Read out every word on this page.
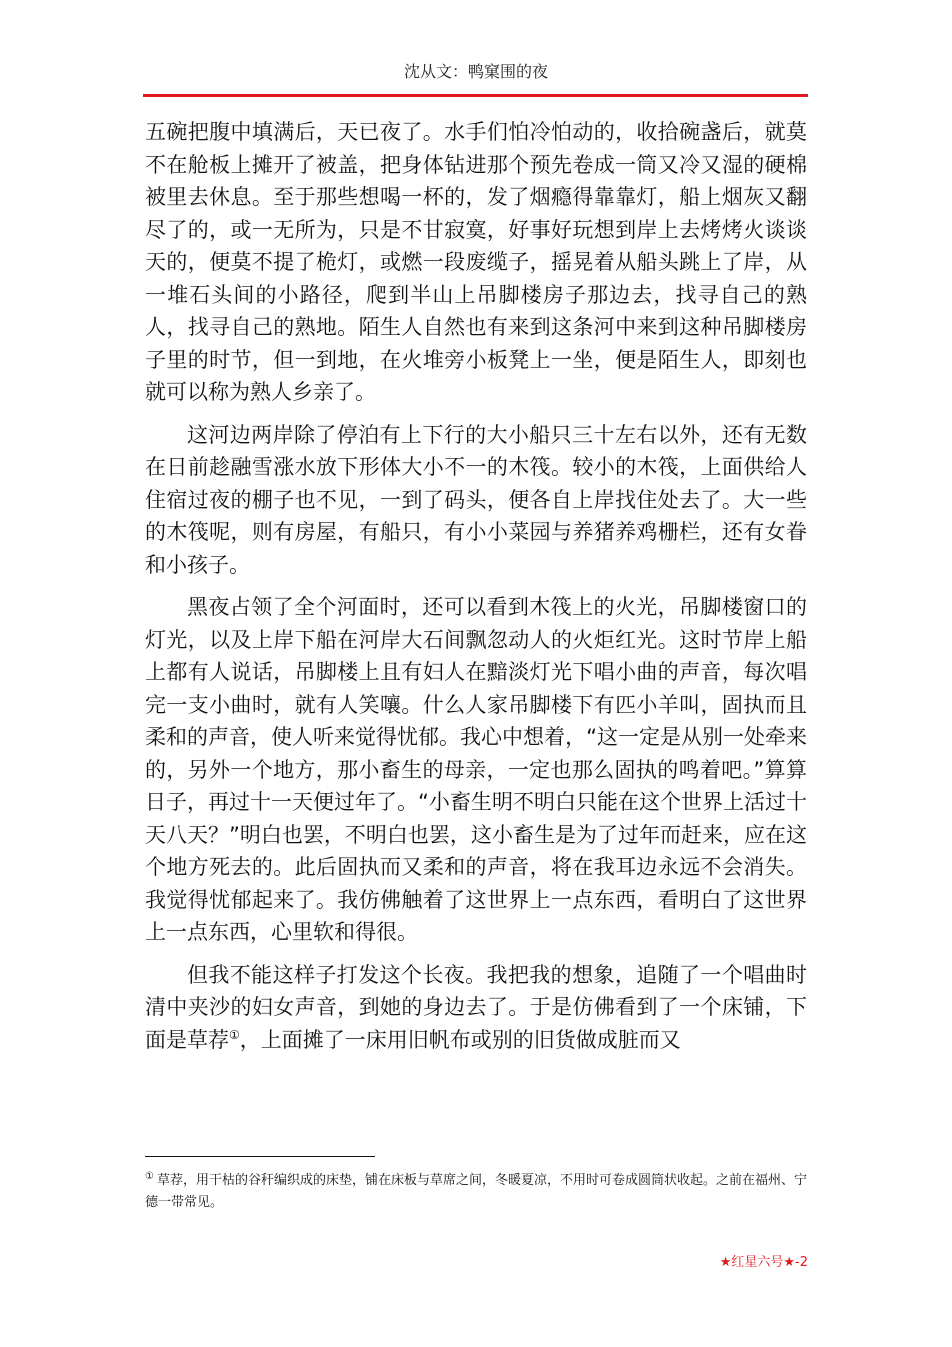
沈从文：鸭窠围的夜

五碗把腹中填满后，天已夜了。水手们怕冷怕动的，收拾碗盏后，就莫不在舱板上摊开了被盖，把身体钻进那个预先卷成一筒又冷又湿的硬棉被里去休息。至于那些想喝一杯的，发了烟瘾得靠靠灯，船上烟灰又翻尽了的，或一无所为，只是不甘寂寞，好事好玩想到岸上去烤烤火谈谈天的，便莫不提了桅灯，或燃一段废缆子，摇晃着从船头跳上了岸，从一堆石头间的小路径，爬到半山上吊脚楼房子那边去，找寻自己的熟人，找寻自己的熟地。陌生人自然也有来到这条河中来到这种吊脚楼房子里的时节，但一到地，在火堆旁小板凳上一坐，便是陌生人，即刻也就可以称为熟人乡亲了。

这河边两岸除了停泊有上下行的大小船只三十左右以外，还有无数在日前趁融雪涨水放下形体大小不一的木筏。较小的木筏，上面供给人住宿过夜的棚子也不见，一到了码头，便各自上岸找住处去了。大一些的木筏呢，则有房屋，有船只，有小小菜园与养猪养鸡栅栏，还有女眷和小孩子。

黑夜占领了全个河面时，还可以看到木筏上的火光，吊脚楼窗口的灯光，以及上岸下船在河岸大石间飘忽动人的火炬红光。这时节岸上船上都有人说话，吊脚楼上且有妇人在黯淡灯光下唱小曲的声音，每次唱完一支小曲时，就有人笑嚷。什么人家吊脚楼下有匹小羊叫，固执而且柔和的声音，使人听来觉得忧郁。我心中想着，“这一定是从别一处牵来的，另外一个地方，那小畜生的母亲，一定也那么固执的鸣着吧。”算算日子，再过十一天便过年了。“小畜生明不明白只能在这个世界上活过十天八天？”明白也罢，不明白也罢，这小畜生是为了过年而赶来，应在这个地方死去的。此后固执而又柔和的声音，将在我耳边永远不会消失。我觉得忧郁起来了。我仿佛触着了这世界上一点东西，看明白了这世界上一点东西，心里软和得很。

但我不能这样子打发这个长夜。我把我的想象，追随了一个唱曲时清中夹沙的妇女声音，到她的身边去了。于是仿佛看到了一个床铺，下面是草荐①，上面摊了一床用旧帆布或别的旧货做成脏而又

① 草荐，用干枯的谷秆编织成的床垫，铺在床板与草席之间，冬暖夏凉，不用时可卷成圆筒状收起。之前在福州、宁德一带常见。
★红星六号★-2
